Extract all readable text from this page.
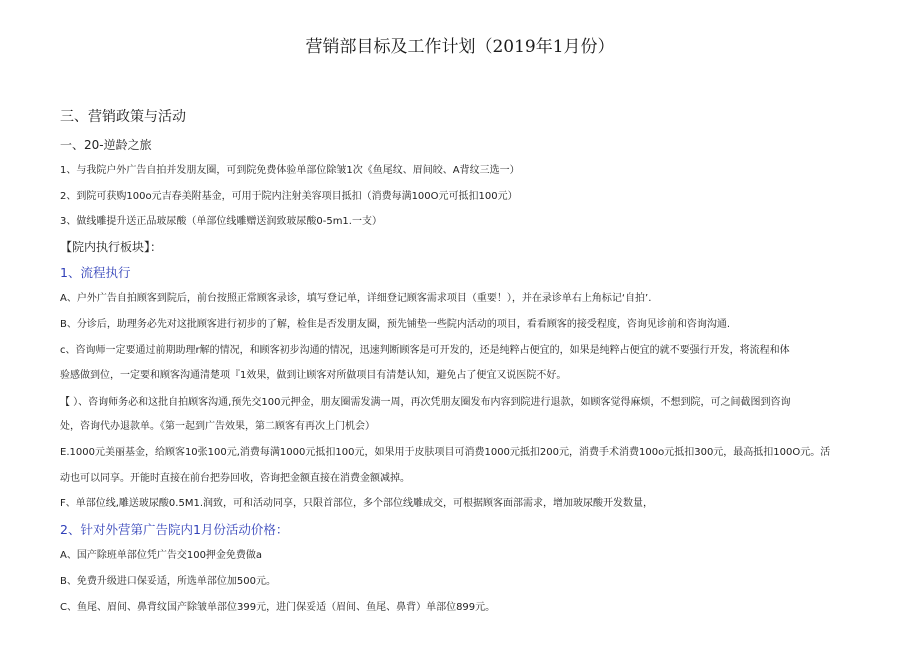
营销部目标及工作计划（2019年1月份）
三、营销政策与活动
一、20-逆龄之旅
1、与我院户外广告自拍并发朋友圈，可到院免费体验单部位除皱1次《鱼尾纹、眉间皎、A背纹三选一）
2、到院可获购100o元吉春美附基金，可用于院内注射美容项目抵扣（消费每满100O元可抵扣100元）
3、做线雕提升送正品玻尿酸（单部位线雕赠送润致玻尿酸0-5m1.一支）
【院内执行板块】：
1、流程执行
A、户外广告自拍顾客到院后，前台按照正常顾客录诊，填写登记单，详细登记顾客需求项目（重要！），并在录诊单右上角标记‘自拍’.
B、分诊后，助理务必先对这批顾客进行初步的了解，检隹是否发朋友圈，预先铺垫一些院内活动的项目，看看顾客的接受程度，咨询见诊前和咨询沟通.
c、咨询师一定要通过前期助理r解的情况，和顾客初步沟通的情况，迅速判断顾客是可开发的，还是纯粹占便宜的，如果是纯粹占便宜的就不要强行开发，将流程和体
验感做到位，一定要和顾客沟通清楚项『1效果，做到让顾客对所做项目有清楚认知，避免占了便宜又说医院不好。
【 ）、咨询师务必和这批自拍顾客沟通,预先交100元押金，朋友圈需发满一周，再次凭朋友圈发布内容到院进行退款，如顾客觉得麻烦，不想到院，可之间截图到咨询
处，咨询代办退款单。《第一起到广告效果，第二顾客有再次上门机会）
E.1000元美丽基金，给顾客10张100元,消费每满1000元抵扣100元，如果用于皮肤项目可消费1000元抵扣200元，消费手术消费100o元抵扣300元，最高抵扣100O元。活
动也可以同享。开能时直接在前台把券回收，咨询把金额直接在消费金额减掉。
F、单部位线,雕送玻尿酸0.5M1.润致，可和活动同享，只限首部位，多个部位线雕成交，可根据顾客面部需求，增加玻尿酸开发数量，
2、针对外营第广告院内1月份活动价格：
A、国产除班单部位凭广告交100押金免费做a
B、免费升级进口保妥适，所选单部位加500元。
C、鱼尾、眉间、鼻背纹国产除皱单部位399元，进门保妥适（眉间、鱼尾、鼻背）单部位899元。
